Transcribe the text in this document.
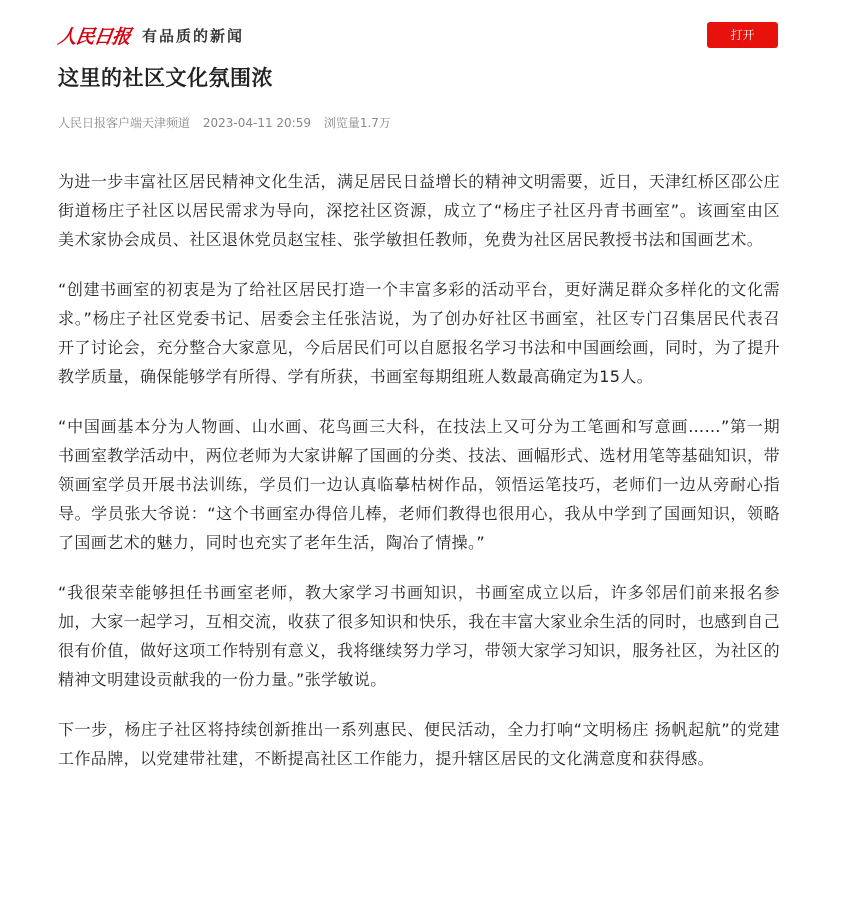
人民日报 有品质的新闻	打开
这里的社区文化氛围浓
人民日报客户端天津频道 2023-04-11 20:59 浏览量1.7万

为进一步丰富社区居民精神文化生活，满足居民日益增长的精神文明需要，近日，天津红桥区邵公庄街道杨庄子社区以居民需求为导向，深挖社区资源，成立了“杨庄子社区丹青书画室”。该画室由区美术家协会成员、社区退休党员赵宝桂、张学敏担任教师，免费为社区居民教授书法和国画艺术。

“创建书画室的初衷是为了给社区居民打造一个丰富多彩的活动平台，更好满足群众多样化的文化需求。”杨庄子社区党委书记、居委会主任张洁说，为了创办好社区书画室，社区专门召集居民代表召开了讨论会，充分整合大家意见，今后居民们可以自愿报名学习书法和中国画绘画，同时，为了提升教学质量，确保能够学有所得、学有所获，书画室每期组班人数最高确定为15人。

“中国画基本分为人物画、山水画、花鸟画三大科，在技法上又可分为工笔画和写意画……”第一期书画室教学活动中，两位老师为大家讲解了国画的分类、技法、画幅形式、选材用笔等基础知识，带领画室学员开展书法训练，学员们一边认真临摹枯树作品，领悟运笔技巧，老师们一边从旁耐心指导。学员张大爷说：“这个书画室办得倍儿棒，老师们教得也很用心，我从中学到了国画知识，领略了国画艺术的魅力，同时也充实了老年生活，陶冶了情操。”

“我很荣幸能够担任书画室老师，教大家学习书画知识，书画室成立以后，许多邻居们前来报名参加，大家一起学习，互相交流，收获了很多知识和快乐，我在丰富大家业余生活的同时，也感到自己很有价值，做好这项工作特别有意义，我将继续努力学习，带领大家学习知识，服务社区，为社区的精神文明建设贡献我的一份力量。”张学敏说。

下一步，杨庄子社区将持续创新推出一系列惠民、便民活动，全力打响“文明杨庄 扬帆起航”的党建工作品牌，以党建带社建，不断提高社区工作能力，提升辖区居民的文化满意度和获得感。
